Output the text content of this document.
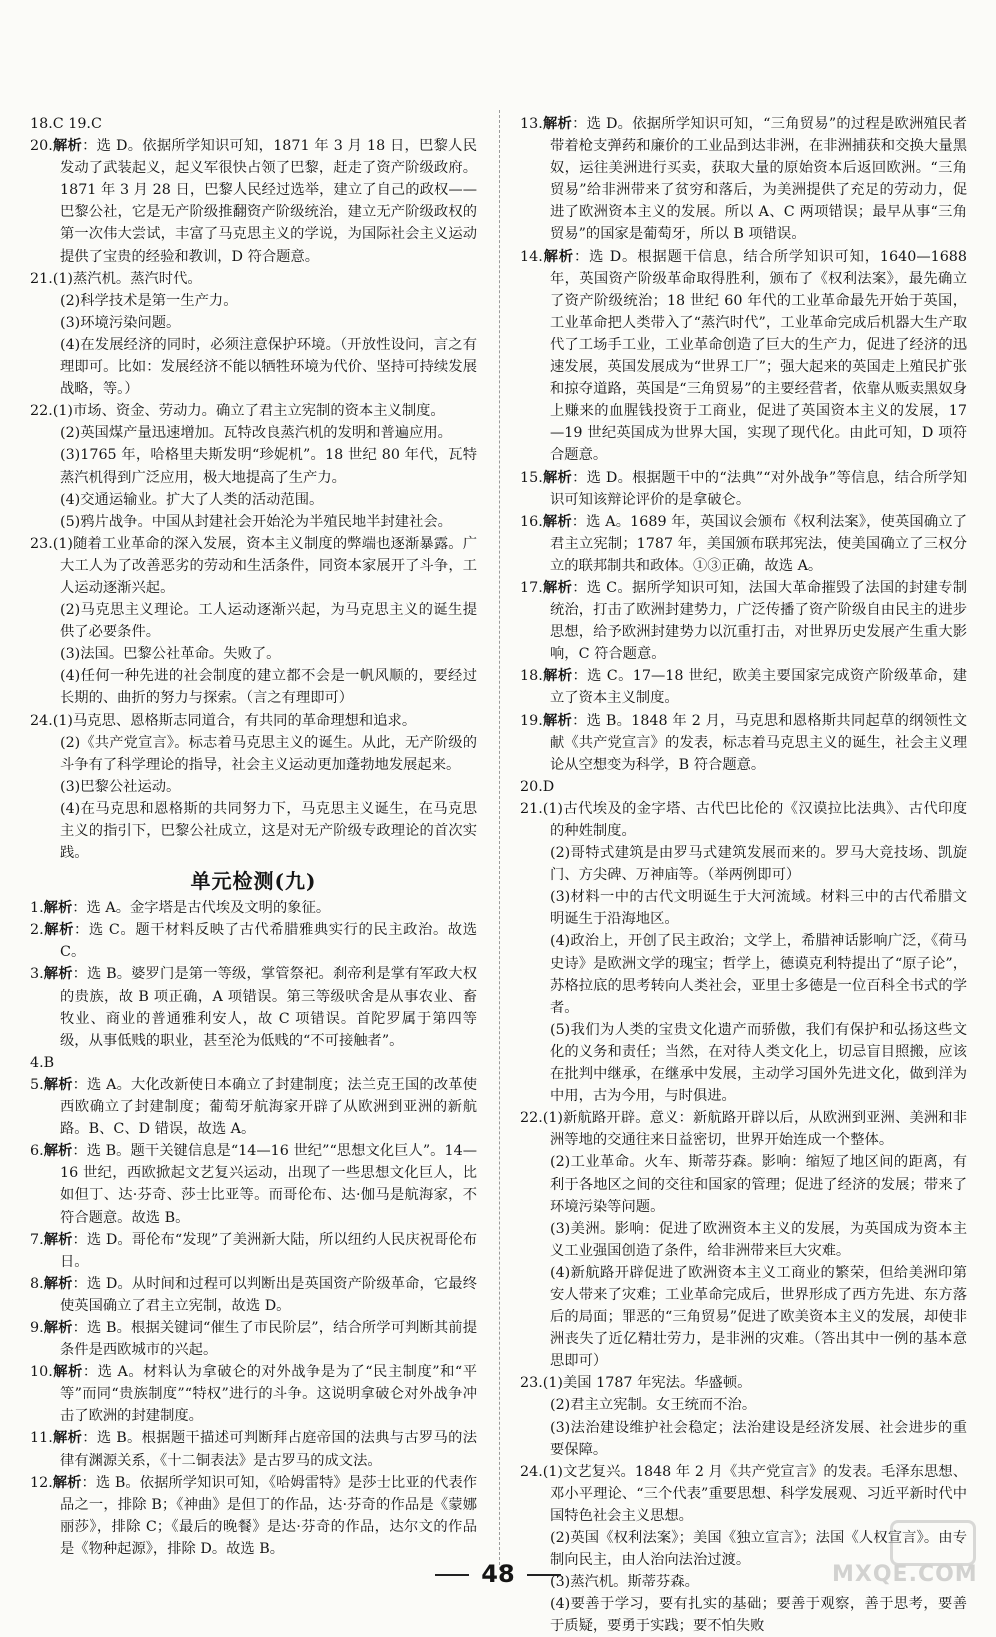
18.C 19.C

20.解析：选 D。依据所学知识可知，1871 年 3 月 18 日，巴黎人民发动了武装起义，起义军很快占领了巴黎，赶走了资产阶级政府。1871 年 3 月 28 日，巴黎人民经过选举，建立了自己的政权——巴黎公社，它是无产阶级推翻资产阶级统治，建立无产阶级政权的第一次伟大尝试，丰富了马克思主义的学说，为国际社会主义运动提供了宝贵的经验和教训，D 符合题意。

21.(1)蒸汽机。蒸汽时代。

(2)科学技术是第一生产力。

(3)环境污染问题。

(4)在发展经济的同时，必须注意保护环境。（开放性设问，言之有理即可。比如：发展经济不能以牺牲环境为代价、坚持可持续发展战略，等。）

22.(1)市场、资金、劳动力。确立了君主立宪制的资本主义制度。

(2)英国煤产量迅速增加。瓦特改良蒸汽机的发明和普遍应用。

(3)1765 年，哈格里夫斯发明“珍妮机”。18 世纪 80 年代，瓦特蒸汽机得到广泛应用，极大地提高了生产力。

(4)交通运输业。扩大了人类的活动范围。

(5)鸦片战争。中国从封建社会开始沦为半殖民地半封建社会。

23.(1)随着工业革命的深入发展，资本主义制度的弊端也逐渐暴露。广大工人为了改善恶劣的劳动和生活条件，同资本家展开了斗争，工人运动逐渐兴起。

(2)马克思主义理论。工人运动逐渐兴起，为马克思主义的诞生提供了必要条件。

(3)法国。巴黎公社革命。失败了。

(4)任何一种先进的社会制度的建立都不会是一帆风顺的，要经过长期的、曲折的努力与探索。（言之有理即可）

24.(1)马克思、恩格斯志同道合，有共同的革命理想和追求。

(2)《共产党宣言》。标志着马克思主义的诞生。从此，无产阶级的斗争有了科学理论的指导，社会主义运动更加蓬勃地发展起来。

(3)巴黎公社运动。

(4)在马克思和恩格斯的共同努力下，马克思主义诞生，在马克思主义的指引下，巴黎公社成立，这是对无产阶级专政理论的首次实践。

单元检测(九)

1.解析：选 A。金字塔是古代埃及文明的象征。

2.解析：选 C。题干材料反映了古代希腊雅典实行的民主政治。故选 C。

3.解析：选 B。婆罗门是第一等级，掌管祭祀。刹帝利是掌有军政大权的贵族，故 B 项正确，A 项错误。第三等级吠舍是从事农业、畜牧业、商业的普通雅利安人，故 C 项错误。首陀罗属于第四等级，从事低贱的职业，甚至沦为低贱的“不可接触者”。

4.B

5.解析：选 A。大化改新使日本确立了封建制度；法兰克王国的改革使西欧确立了封建制度；葡萄牙航海家开辟了从欧洲到亚洲的新航路。B、C、D 错误，故选 A。

6.解析：选 B。题干关键信息是“14—16 世纪”“思想文化巨人”。14—16 世纪，西欧掀起文艺复兴运动，出现了一些思想文化巨人，比如但丁、达·芬奇、莎士比亚等。而哥伦布、达·伽马是航海家，不符合题意。故选 B。

7.解析：选 D。哥伦布“发现”了美洲新大陆，所以纽约人民庆祝哥伦布日。

8.解析：选 D。从时间和过程可以判断出是英国资产阶级革命，它最终使英国确立了君主立宪制，故选 D。

9.解析：选 B。根据关键词“催生了市民阶层”，结合所学可判断其前提条件是西欧城市的兴起。

10.解析：选 A。材料认为拿破仑的对外战争是为了“民主制度”和“平等”而同“贵族制度”“特权”进行的斗争。这说明拿破仑对外战争冲击了欧洲的封建制度。

11.解析：选 B。根据题干描述可判断拜占庭帝国的法典与古罗马的法律有渊源关系，《十二铜表法》是古罗马的成文法。

12.解析：选 B。依据所学知识可知，《哈姆雷特》是莎士比亚的代表作品之一，排除 B；《神曲》是但丁的作品，达·芬奇的作品是《蒙娜丽莎》，排除 C；《最后的晚餐》是达·芬奇的作品，达尔文的作品是《物种起源》，排除 D。故选 B。

13.解析：选 D。依据所学知识可知，“三角贸易”的过程是欧洲殖民者带着枪支弹药和廉价的工业品到达非洲，在非洲捕获和交换大量黑奴，运往美洲进行买卖，获取大量的原始资本后返回欧洲。“三角贸易”给非洲带来了贫穷和落后，为美洲提供了充足的劳动力，促进了欧洲资本主义的发展。所以 A、C 两项错误；最早从事“三角贸易”的国家是葡萄牙，所以 B 项错误。

14.解析：选 D。根据题干信息，结合所学知识可知，1640—1688 年，英国资产阶级革命取得胜利，颁布了《权利法案》，最先确立了资产阶级统治；18 世纪 60 年代的工业革命最先开始于英国，工业革命把人类带入了“蒸汽时代”，工业革命完成后机器大生产取代了工场手工业，工业革命创造了巨大的生产力，促进了经济的迅速发展，英国发展成为“世界工厂”；强大起来的英国走上殖民扩张和掠夺道路，英国是“三角贸易”的主要经营者，依靠从贩卖黑奴身上赚来的血腥钱投资于工商业，促进了英国资本主义的发展，17—19 世纪英国成为世界大国，实现了现代化。由此可知，D 项符合题意。

15.解析：选 D。根据题干中的“法典”“对外战争”等信息，结合所学知识可知该辩论评价的是拿破仑。

16.解析：选 A。1689 年，英国议会颁布《权利法案》，使英国确立了君主立宪制；1787 年，美国颁布联邦宪法，使美国确立了三权分立的联邦制共和政体。①③正确，故选 A。

17.解析：选 C。据所学知识可知，法国大革命摧毁了法国的封建专制统治，打击了欧洲封建势力，广泛传播了资产阶级自由民主的进步思想，给予欧洲封建势力以沉重打击，对世界历史发展产生重大影响，C 符合题意。

18.解析：选 C。17—18 世纪，欧美主要国家完成资产阶级革命，建立了资本主义制度。

19.解析：选 B。1848 年 2 月，马克思和恩格斯共同起草的纲领性文献《共产党宣言》的发表，标志着马克思主义的诞生，社会主义理论从空想变为科学，B 符合题意。

20.D

21.(1)古代埃及的金字塔、古代巴比伦的《汉谟拉比法典》、古代印度的种姓制度。

(2)哥特式建筑是由罗马式建筑发展而来的。罗马大竞技场、凯旋门、方尖碑、万神庙等。（举两例即可）

(3)材料一中的古代文明诞生于大河流域。材料三中的古代希腊文明诞生于沿海地区。

(4)政治上，开创了民主政治；文学上，希腊神话影响广泛，《荷马史诗》是欧洲文学的瑰宝；哲学上，德谟克利特提出了“原子论”，苏格拉底的思考转向人类社会，亚里士多德是一位百科全书式的学者。

(5)我们为人类的宝贵文化遗产而骄傲，我们有保护和弘扬这些文化的义务和责任；当然，在对待人类文化上，切忌盲目照搬，应该在批判中继承，在继承中发展，主动学习国外先进文化，做到洋为中用，古为今用，与时俱进。

22.(1)新航路开辟。意义：新航路开辟以后，从欧洲到亚洲、美洲和非洲等地的交通往来日益密切，世界开始连成一个整体。

(2)工业革命。火车、斯蒂芬森。影响：缩短了地区间的距离，有利于各地区之间的交往和国家的管理；促进了经济的发展；带来了环境污染等问题。

(3)美洲。影响：促进了欧洲资本主义的发展，为英国成为资本主义工业强国创造了条件，给非洲带来巨大灾难。

(4)新航路开辟促进了欧洲资本主义工商业的繁荣，但给美洲印第安人带来了灾难；工业革命完成后，世界形成了西方先进、东方落后的局面；罪恶的“三角贸易”促进了欧美资本主义的发展，却使非洲丧失了近亿精壮劳力，是非洲的灾难。（答出其中一例的基本意思即可）

23.(1)美国 1787 年宪法。华盛顿。

(2)君主立宪制。女王统而不治。

(3)法治建设维护社会稳定；法治建设是经济发展、社会进步的重要保障。

24.(1)文艺复兴。1848 年 2 月《共产党宣言》的发表。毛泽东思想、邓小平理论、“三个代表”重要思想、科学发展观、习近平新时代中国特色社会主义思想。

(2)英国《权利法案》；美国《独立宣言》；法国《人权宣言》。由专制向民主，由人治向法治过渡。

(3)蒸汽机。斯蒂芬森。

(4)要善于学习，要有扎实的基础；要善于观察，善于思考，要善于质疑，要勇于实践；要不怕失败

48	MXQE.COM
